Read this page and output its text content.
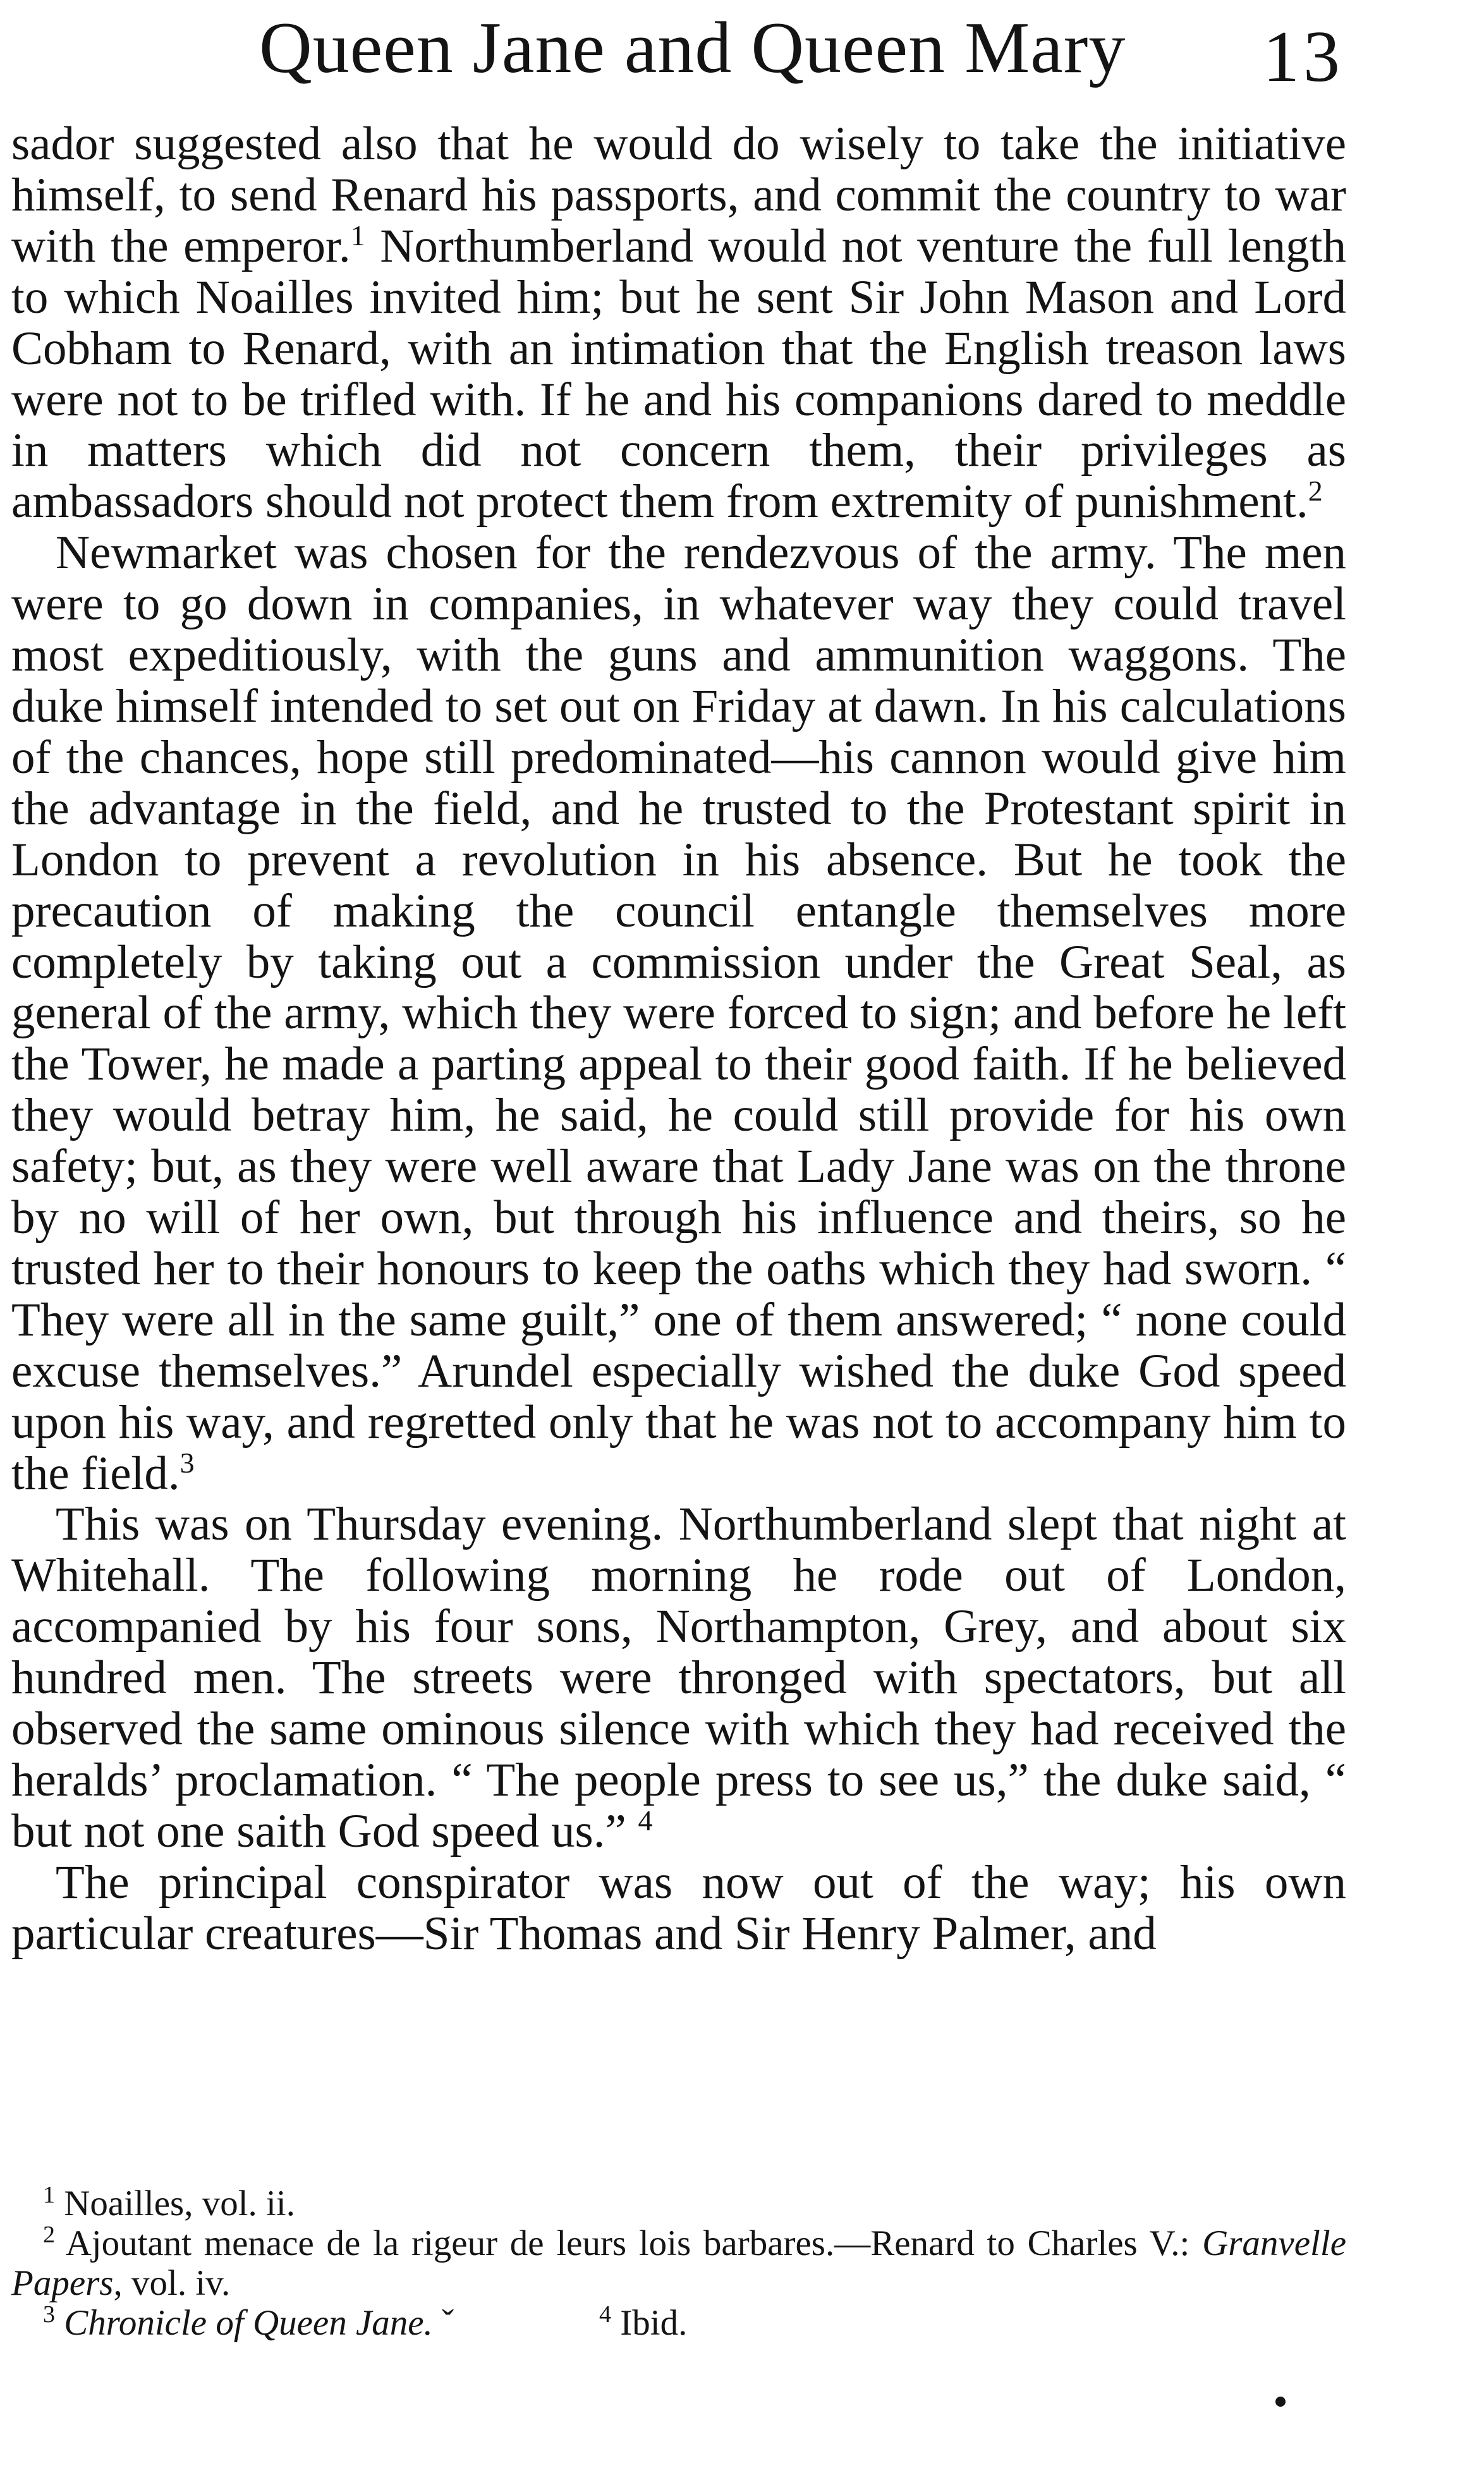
Queen Jane and Queen Mary 13

sador suggested also that he would do wisely to take the initiative himself, to send Renard his passports, and commit the country to war with the emperor.$^1$ Northumberland would not venture the full length to which Noailles invited him; but he sent Sir John Mason and Lord Cobham to Renard, with an intimation that the English treason laws were not to be trifled with. If he and his companions dared to meddle in matters which did not concern them, their privileges as ambassadors should not protect them from extremity of punishment.$^2$

Newmarket was chosen for the rendezvous of the army. The men were to go down in companies, in whatever way they could travel most expeditiously, with the guns and ammunition waggons. The duke himself intended to set out on Friday at dawn. In his calculations of the chances, hope still predominated—his cannon would give him the advantage in the field, and he trusted to the Protestant spirit in London to prevent a revolution in his absence. But he took the precaution of making the council entangle themselves more completely by taking out a commission under the Great Seal, as general of the army, which they were forced to sign; and before he left the Tower, he made a parting appeal to their good faith. If he believed they would betray him, he said, he could still provide for his own safety; but, as they were well aware that Lady Jane was on the throne by no will of her own, but through his influence and theirs, so he trusted her to their honours to keep the oaths which they had sworn. “ They were all in the same guilt,” one of them answered; “ none could excuse themselves.” Arundel especially wished the duke God speed upon his way, and regretted only that he was not to accompany him to the field.$^3$

This was on Thursday evening. Northumberland slept that night at Whitehall. The following morning he rode out of London, accompanied by his four sons, Northampton, Grey, and about six hundred men. The streets were thronged with spectators, but all observed the same ominous silence with which they had received the heralds’ proclamation. “ The people press to see us,” the duke said, “ but not one saith God speed us.” $^4$

The principal conspirator was now out of the way; his own particular creatures—Sir Thomas and Sir Henry Palmer, and

$^1$ Noailles, vol. ii.

$^2$ Ajoutant menace de la rigeur de leurs lois barbares.—Renard to Charles V.: Granvelle Papers, vol. iv.

$^3$ Chronicle of Queen Jane. ˇ	$^4$ Ibid.
